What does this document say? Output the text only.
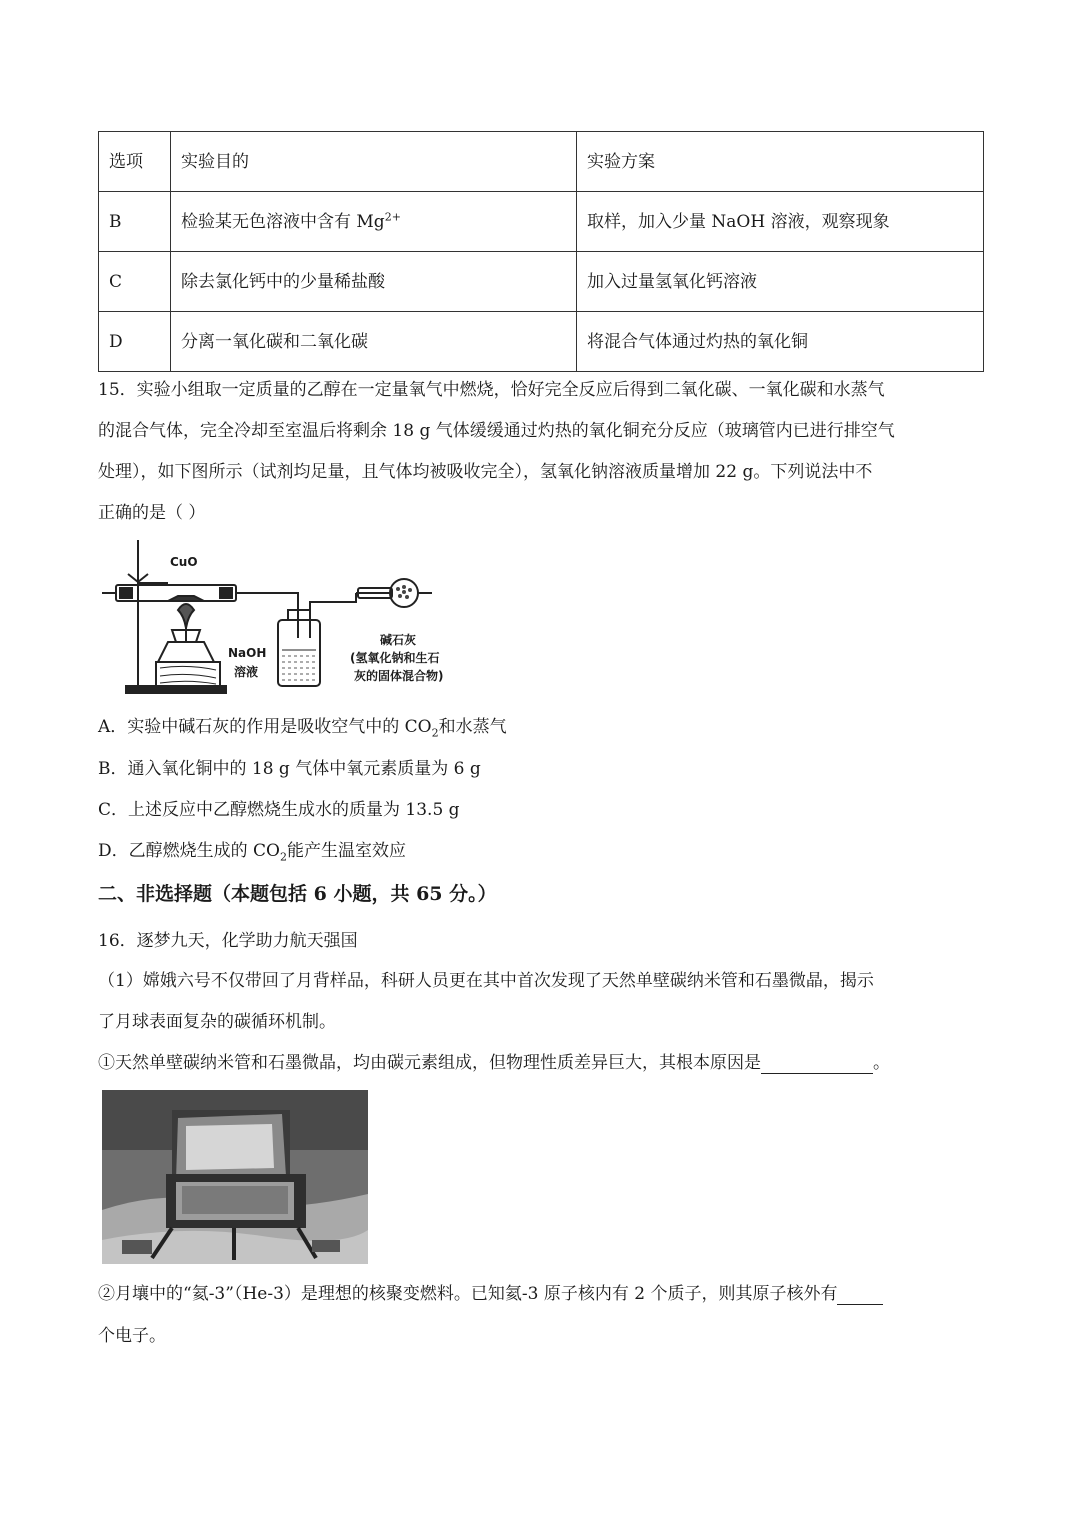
选项	实验目的	实验方案
B	检验某无色溶液中含有 $Mg^{2+}$	取样，加入少量 NaOH 溶液，观察现象
C	除去氯化钙中的少量稀盐酸	加入过量氢氧化钙溶液
D	分离一氧化碳和二氧化碳	将混合气体通过灼热的氧化铜
15．实验小组取一定质量的乙醇在一定量氧气中燃烧，恰好完全反应后得到二氧化碳、一氧化碳和水蒸气
的混合气体，完全冷却至室温后将剩余 18 g 气体缓缓通过灼热的氧化铜充分反应（玻璃管内已进行排空气
处理），如下图所示（试剂均足量，且气体均被吸收完全），氢氧化钠溶液质量增加 22 g。下列说法中不
正确的是（ ）
CuO
NaOH
溶液
碱石灰
(氢氧化钠和生石
灰的固体混合物)
A．实验中碱石灰的作用是吸收空气中的 $CO_2$和水蒸气
B．通入氧化铜中的 18 g 气体中氧元素质量为 6 g
C．上述反应中乙醇燃烧生成水的质量为 13.5 g
D．乙醇燃烧生成的 $CO_2$能产生温室效应
二、非选择题（本题包括 6 小题，共 65 分。）
16．逐梦九天，化学助力航天强国
（1）嫦娥六号不仅带回了月背样品，科研人员更在其中首次发现了天然单壁碳纳米管和石墨微晶，揭示
了月球表面复杂的碳循环机制。
①天然单壁碳纳米管和石墨微晶，均由碳元素组成，但物理性质差异巨大，其根本原因是	。
②月壤中的“氦-3”（He-3）是理想的核聚变燃料。已知氦-3 原子核内有 2 个质子，则其原子核外有
个电子。
